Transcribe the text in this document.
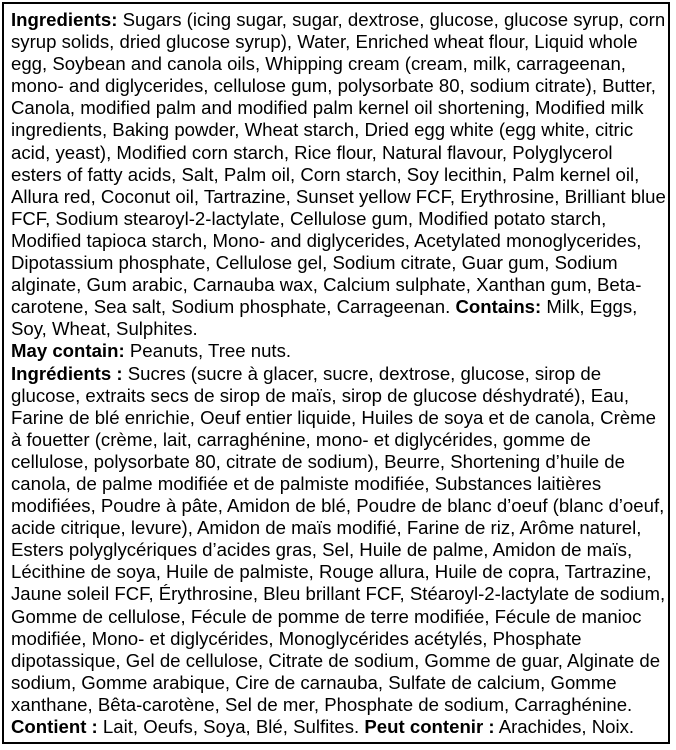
Ingredients: Sugars (icing sugar, sugar, dextrose, glucose, glucose syrup, corn syrup solids, dried glucose syrup), Water, Enriched wheat flour, Liquid whole egg, Soybean and canola oils, Whipping cream (cream, milk, carrageenan, mono- and diglycerides, cellulose gum, polysorbate 80, sodium citrate), Butter, Canola, modified palm and modified palm kernel oil shortening, Modified milk ingredients, Baking powder, Wheat starch, Dried egg white (egg white, citric acid, yeast), Modified corn starch, Rice flour, Natural flavour, Polyglycerol esters of fatty acids, Salt, Palm oil, Corn starch, Soy lecithin, Palm kernel oil, Allura red, Coconut oil, Tartrazine, Sunset yellow FCF, Erythrosine, Brilliant blue FCF, Sodium stearoyl-2-lactylate, Cellulose gum, Modified potato starch, Modified tapioca starch, Mono- and diglycerides, Acetylated monoglycerides, Dipotassium phosphate, Cellulose gel, Sodium citrate, Guar gum, Sodium alginate, Gum arabic, Carnauba wax, Calcium sulphate, Xanthan gum, Beta-carotene, Sea salt, Sodium phosphate, Carrageenan. Contains: Milk, Eggs, Soy, Wheat, Sulphites.

May contain: Peanuts, Tree nuts.

Ingrédients : Sucres (sucre à glacer, sucre, dextrose, glucose, sirop de glucose, extraits secs de sirop de maïs, sirop de glucose déshydraté), Eau, Farine de blé enrichie, Oeuf entier liquide, Huiles de soya et de canola, Crème à fouetter (crème, lait, carraghénine, mono- et diglycérides, gomme de cellulose, polysorbate 80, citrate de sodium), Beurre, Shortening d’huile de canola, de palme modifiée et de palmiste modifiée, Substances laitières modifiées, Poudre à pâte, Amidon de blé, Poudre de blanc d’oeuf (blanc d’oeuf, acide citrique, levure), Amidon de maïs modifié, Farine de riz, Arôme naturel, Esters polyglycériques d’acides gras, Sel, Huile de palme, Amidon de maïs, Lécithine de soya, Huile de palmiste, Rouge allura, Huile de copra, Tartrazine, Jaune soleil FCF, Érythrosine, Bleu brillant FCF, Stéaroyl-2-lactylate de sodium, Gomme de cellulose, Fécule de pomme de terre modifiée, Fécule de manioc modifiée, Mono- et diglycérides, Monoglycérides acétylés, Phosphate dipotassique, Gel de cellulose, Citrate de sodium, Gomme de guar, Alginate de sodium, Gomme arabique, Cire de carnauba, Sulfate de calcium, Gomme xanthane, Bêta-carotène, Sel de mer, Phosphate de sodium, Carraghénine. Contient : Lait, Oeufs, Soya, Blé, Sulfites. Peut contenir : Arachides, Noix.
